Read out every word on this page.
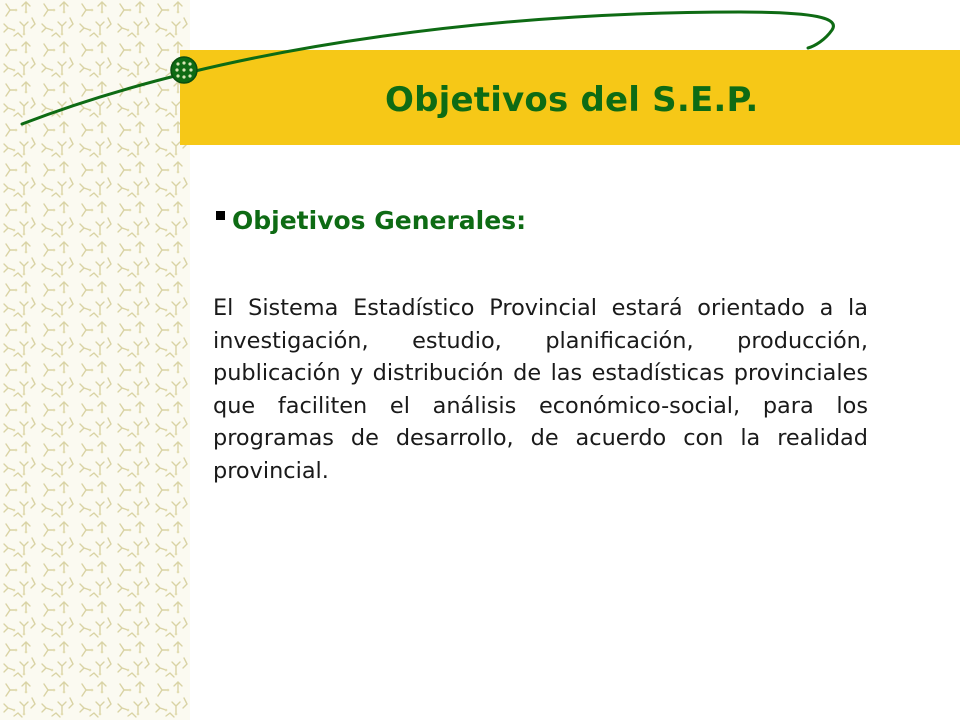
Objetivos del S.E.P.
Objetivos Generales:

El Sistema Estadístico Provincial estará orientado a la investigación, estudio, planificación, producción, publicación y distribución de las estadísticas provinciales que faciliten el análisis económico-social, para los programas de desarrollo, de acuerdo con la realidad provincial.
